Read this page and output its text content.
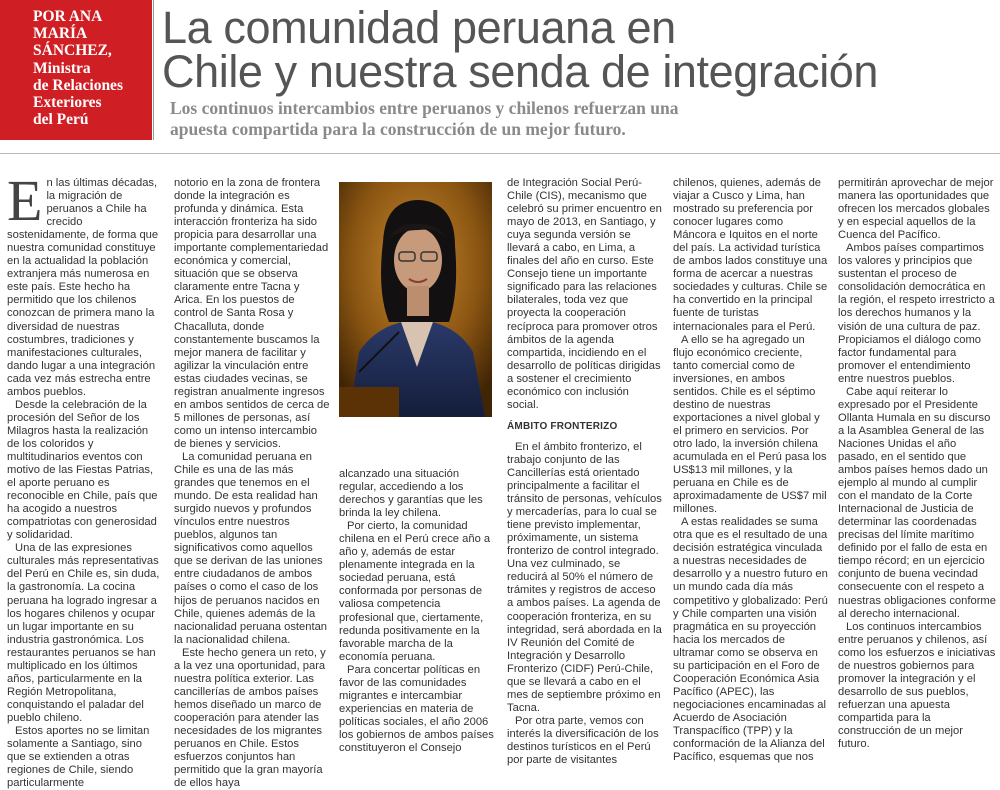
POR ANA MARÍA
SÁNCHEZ,
Ministra
de Relaciones
Exteriores
del Perú
La comunidad peruana en
Chile y nuestra senda de integración
Los continuos intercambios entre peruanos y chilenos refuerzan una
apuesta compartida para la construcción de un mejor futuro.

En las últimas décadas, la migración de peruanos a Chile ha crecido sostenidamente, de forma que nuestra comunidad constituye en la actualidad la población extranjera más numerosa en este país. Este hecho ha permitido que los chilenos conozcan de primera mano la diversidad de nuestras costumbres, tradiciones y manifestaciones culturales, dando lugar a una integración cada vez más estrecha entre ambos pueblos.

Desde la celebración de la procesión del Señor de los Milagros hasta la realización de los coloridos y multitudinarios eventos con motivo de las Fiestas Patrias, el aporte peruano es reconocible en Chile, país que ha acogido a nuestros compatriotas con generosidad y solidaridad.

Una de las expresiones culturales más representativas del Perú en Chile es, sin duda, la gastronomía. La cocina peruana ha logrado ingresar a los hogares chilenos y ocupar un lugar importante en su industria gastronómica. Los restaurantes peruanos se han multiplicado en los últimos años, particularmente en la Región Metropolitana, conquistando el paladar del pueblo chileno.

Estos aportes no se limitan solamente a Santiago, sino que se extienden a otras regiones de Chile, siendo particularmente

notorio en la zona de frontera donde la integración es profunda y dinámica. Esta interacción fronteriza ha sido propicia para desarrollar una importante complementariedad económica y comercial, situación que se observa claramente entre Tacna y Arica. En los puestos de control de Santa Rosa y Chacalluta, donde constantemente buscamos la mejor manera de facilitar y agilizar la vinculación entre estas ciudades vecinas, se registran anualmente ingresos en ambos sentidos de cerca de 5 millones de personas, así como un intenso intercambio de bienes y servicios.

La comunidad peruana en Chile es una de las más grandes que tenemos en el mundo. De esta realidad han surgido nuevos y profundos vínculos entre nuestros pueblos, algunos tan significativos como aquellos que se derivan de las uniones entre ciudadanos de ambos países o como el caso de los hijos de peruanos nacidos en Chile, quienes además de la nacionalidad peruana ostentan la nacionalidad chilena.

Este hecho genera un reto, y a la vez una oportunidad, para nuestra política exterior. Las cancillerías de ambos países hemos diseñado un marco de cooperación para atender las necesidades de los migrantes peruanos en Chile. Estos esfuerzos conjuntos han permitido que la gran mayoría de ellos haya

alcanzado una situación regular, accediendo a los derechos y garantías que les brinda la ley chilena.

Por cierto, la comunidad chilena en el Perú crece año a año y, además de estar plenamente integrada en la sociedad peruana, está conformada por personas de valiosa competencia profesional que, ciertamente, redunda positivamente en la favorable marcha de la economía peruana.

Para concertar políticas en favor de las comunidades migrantes e intercambiar experiencias en materia de políticas sociales, el año 2006 los gobiernos de ambos países constituyeron el Consejo

de Integración Social Perú-Chile (CIS), mecanismo que celebró su primer encuentro en mayo de 2013, en Santiago, y cuya segunda versión se llevará a cabo, en Lima, a finales del año en curso. Este Consejo tiene un importante significado para las relaciones bilaterales, toda vez que proyecta la cooperación recíproca para promover otros ámbitos de la agenda compartida, incidiendo en el desarrollo de políticas dirigidas a sostener el crecimiento económico con inclusión social.

ÁMBITO FRONTERIZO

En el ámbito fronterizo, el trabajo conjunto de las Cancillerías está orientado principalmente a facilitar el tránsito de personas, vehículos y mercaderías, para lo cual se tiene previsto implementar, próximamente, un sistema fronterizo de control integrado. Una vez culminado, se reducirá al 50% el número de trámites y registros de acceso a ambos países. La agenda de cooperación fronteriza, en su integridad, será abordada en la IV Reunión del Comité de Integración y Desarrollo Fronterizo (CIDF) Perú-Chile, que se llevará a cabo en el mes de septiembre próximo en Tacna.

Por otra parte, vemos con interés la diversificación de los destinos turísticos en el Perú por parte de visitantes

chilenos, quienes, además de viajar a Cusco y Lima, han mostrado su preferencia por conocer lugares como Máncora e Iquitos en el norte del país. La actividad turística de ambos lados constituye una forma de acercar a nuestras sociedades y culturas. Chile se ha convertido en la principal fuente de turistas internacionales para el Perú.

A ello se ha agregado un flujo económico creciente, tanto comercial como de inversiones, en ambos sentidos. Chile es el séptimo destino de nuestras exportaciones a nivel global y el primero en servicios. Por otro lado, la inversión chilena acumulada en el Perú pasa los US$13 mil millones, y la peruana en Chile es de aproximadamente de US$7 mil millones.

A estas realidades se suma otra que es el resultado de una decisión estratégica vinculada a nuestras necesidades de desarrollo y a nuestro futuro en un mundo cada día más competitivo y globalizado: Perú y Chile comparten una visión pragmática en su proyección hacia los mercados de ultramar como se observa en su participación en el Foro de Cooperación Económica Asia Pacífico (APEC), las negociaciones encaminadas al Acuerdo de Asociación Transpacífico (TPP) y la conformación de la Alianza del Pacífico, esquemas que nos

permitirán aprovechar de mejor manera las oportunidades que ofrecen los mercados globales y en especial aquellos de la Cuenca del Pacífico.

Ambos países compartimos los valores y principios que sustentan el proceso de consolidación democrática en la región, el respeto irrestricto a los derechos humanos y la visión de una cultura de paz. Propiciamos el diálogo como factor fundamental para promover el entendimiento entre nuestros pueblos.

Cabe aquí reiterar lo expresado por el Presidente Ollanta Humala en su discurso a la Asamblea General de las Naciones Unidas el año pasado, en el sentido que ambos países hemos dado un ejemplo al mundo al cumplir con el mandato de la Corte Internacional de Justicia de determinar las coordenadas precisas del límite marítimo definido por el fallo de esta en tiempo récord; en un ejercicio conjunto de buena vecindad consecuente con el respeto a nuestras obligaciones conforme al derecho internacional.

Los continuos intercambios entre peruanos y chilenos, así como los esfuerzos e iniciativas de nuestros gobiernos para promover la integración y el desarrollo de sus pueblos, refuerzan una apuesta compartida para la construcción de un mejor futuro.
